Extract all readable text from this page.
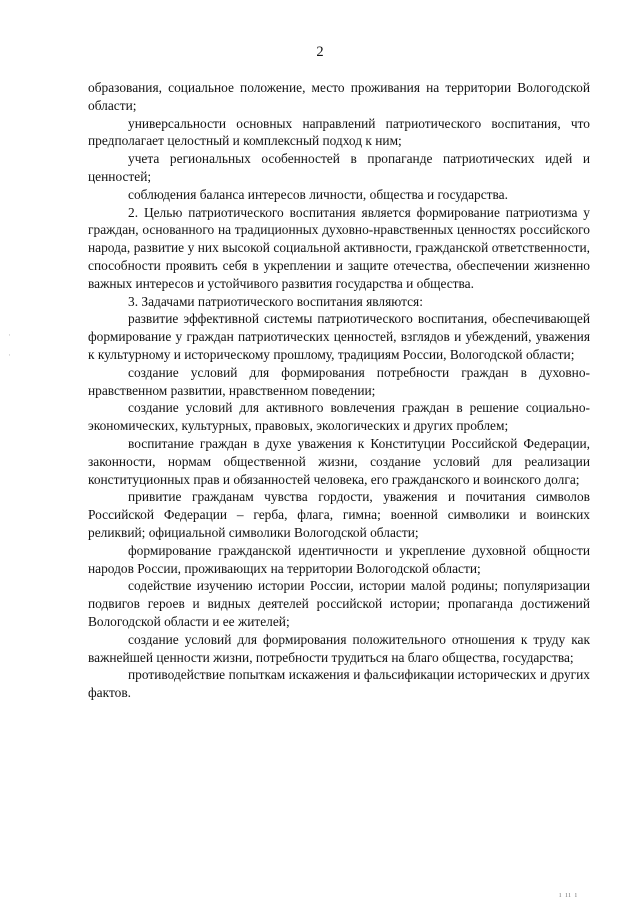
2
·
·

образования, социальное положение, место проживания на территории Вологодской области;

универсальности основных направлений патриотического воспитания, что предполагает целостный и комплексный подход к ним;

учета региональных особенностей в пропаганде патриотических идей и ценностей;

соблюдения баланса интересов личности, общества и государства.

2. Целью патриотического воспитания является формирование патриотизма у граждан, основанного на традиционных духовно-нравственных ценностях российского народа, развитие у них высокой социальной активности, гражданской ответственности, способности проявить себя в укреплении и защите отечества, обеспечении жизненно важных интересов и устойчивого развития государства и общества.

3. Задачами патриотического воспитания являются:

развитие эффективной системы патриотического воспитания, обеспечивающей формирование у граждан патриотических ценностей, взглядов и убеждений, уважения к культурному и историческому прошлому, традициям России, Вологодской области;

создание условий для формирования потребности граждан в духовно-нравственном развитии, нравственном поведении;

создание условий для активного вовлечения граждан в решение социально-экономических, культурных, правовых, экологических и других проблем;

воспитание граждан в духе уважения к Конституции Российской Федерации, законности, нормам общественной жизни, создание условий для реализации конституционных прав и обязанностей человека, его гражданского и воинского долга;

привитие гражданам чувства гордости, уважения и почитания символов Российской Федерации – герба, флага, гимна; военной символики и воинских реликвий; официальной символики Вологодской области;

формирование гражданской идентичности и укрепление духовной общности народов России, проживающих на территории Вологодской области;

содействие изучению истории России, истории малой родины; популяризации подвигов героев и видных деятелей российской истории; пропаганда достижений Вологодской области и ее жителей;

создание условий для формирования положительного отношения к труду как важнейшей ценности жизни, потребности трудиться на благо общества, государства;

противодействие попыткам искажения и фальсификации исторических и других фактов.

ı ıı ı
